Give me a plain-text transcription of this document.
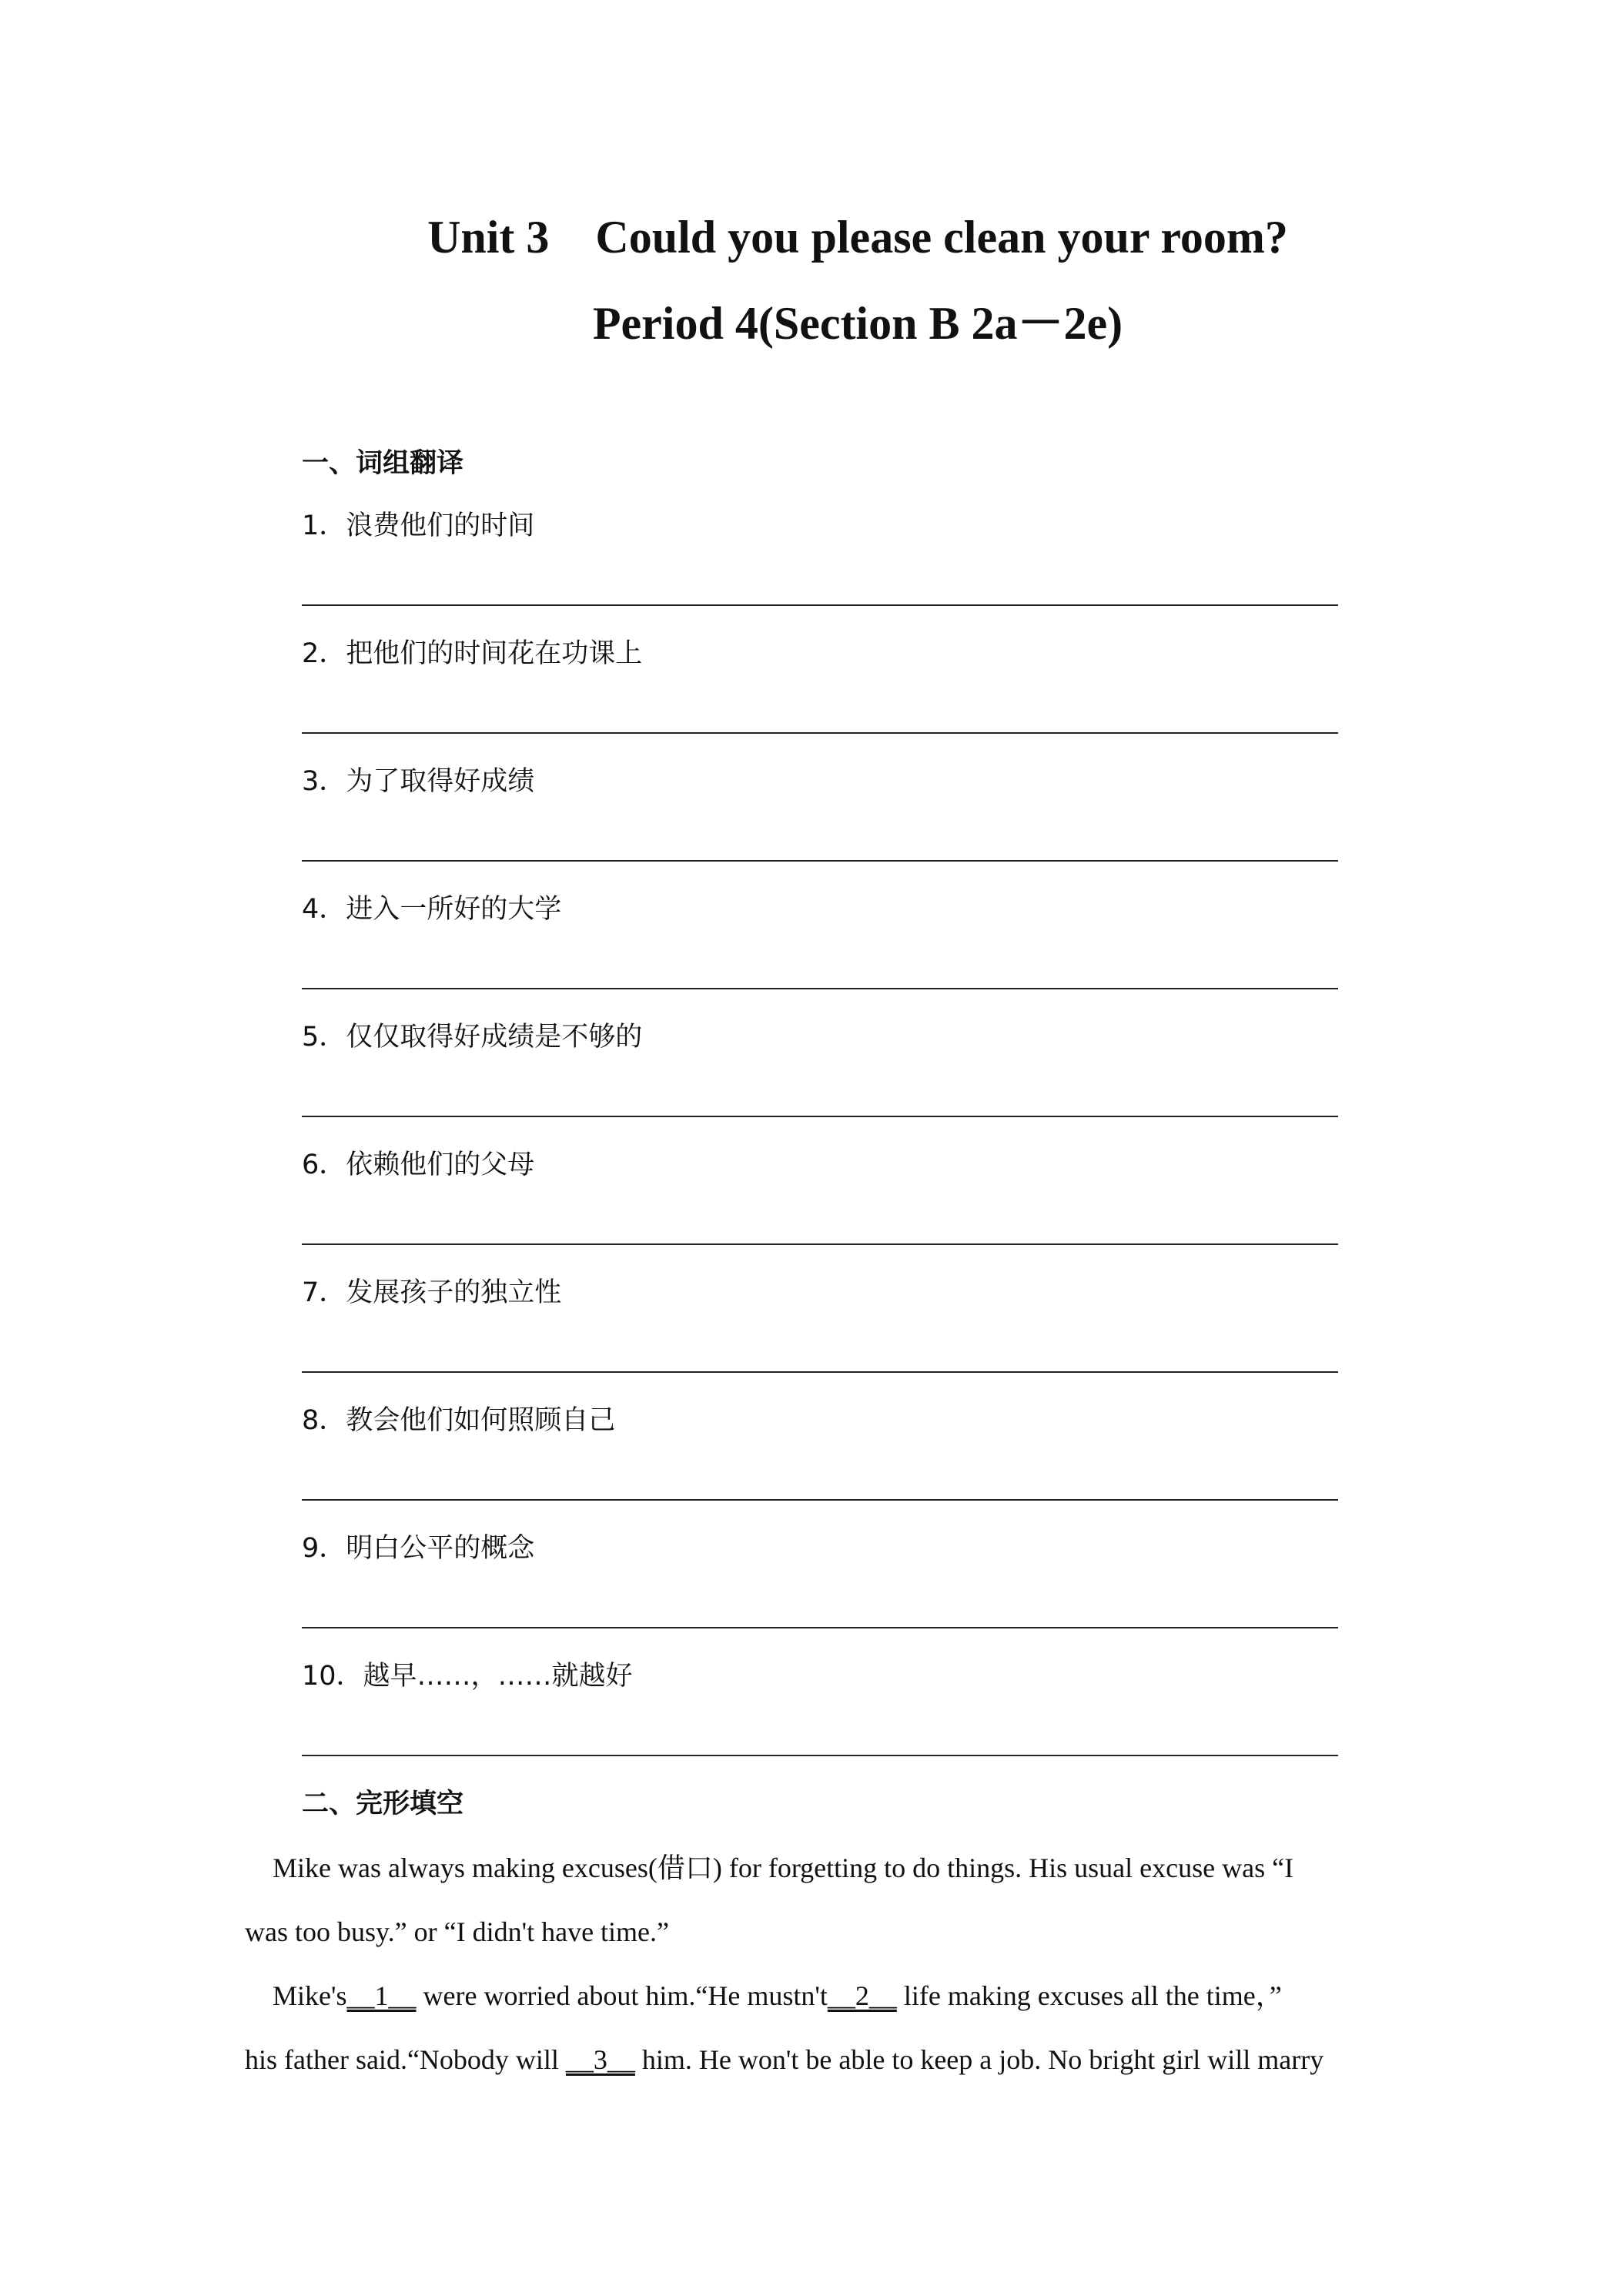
Unit 3    Could you please clean your room?
Period 4(Section B 2a－2e)
一、词组翻译
1．浪费他们的时间
2．把他们的时间花在功课上
3．为了取得好成绩
4．进入一所好的大学
5．仅仅取得好成绩是不够的
6．依赖他们的父母
7．发展孩子的独立性
8．教会他们如何照顾自己
9．明白公平的概念
10．越早……，……就越好
二、完形填空
Mike was always making excuses(借口) for forgetting to do things. His usual excuse was “I
was too busy.” or “I didn't have time.”
Mike's__1__ were worried about him.“He mustn't__2__ life making excuses all the time，”
his father said.“Nobody will __3__ him. He won't be able to keep a job. No bright girl will marry
